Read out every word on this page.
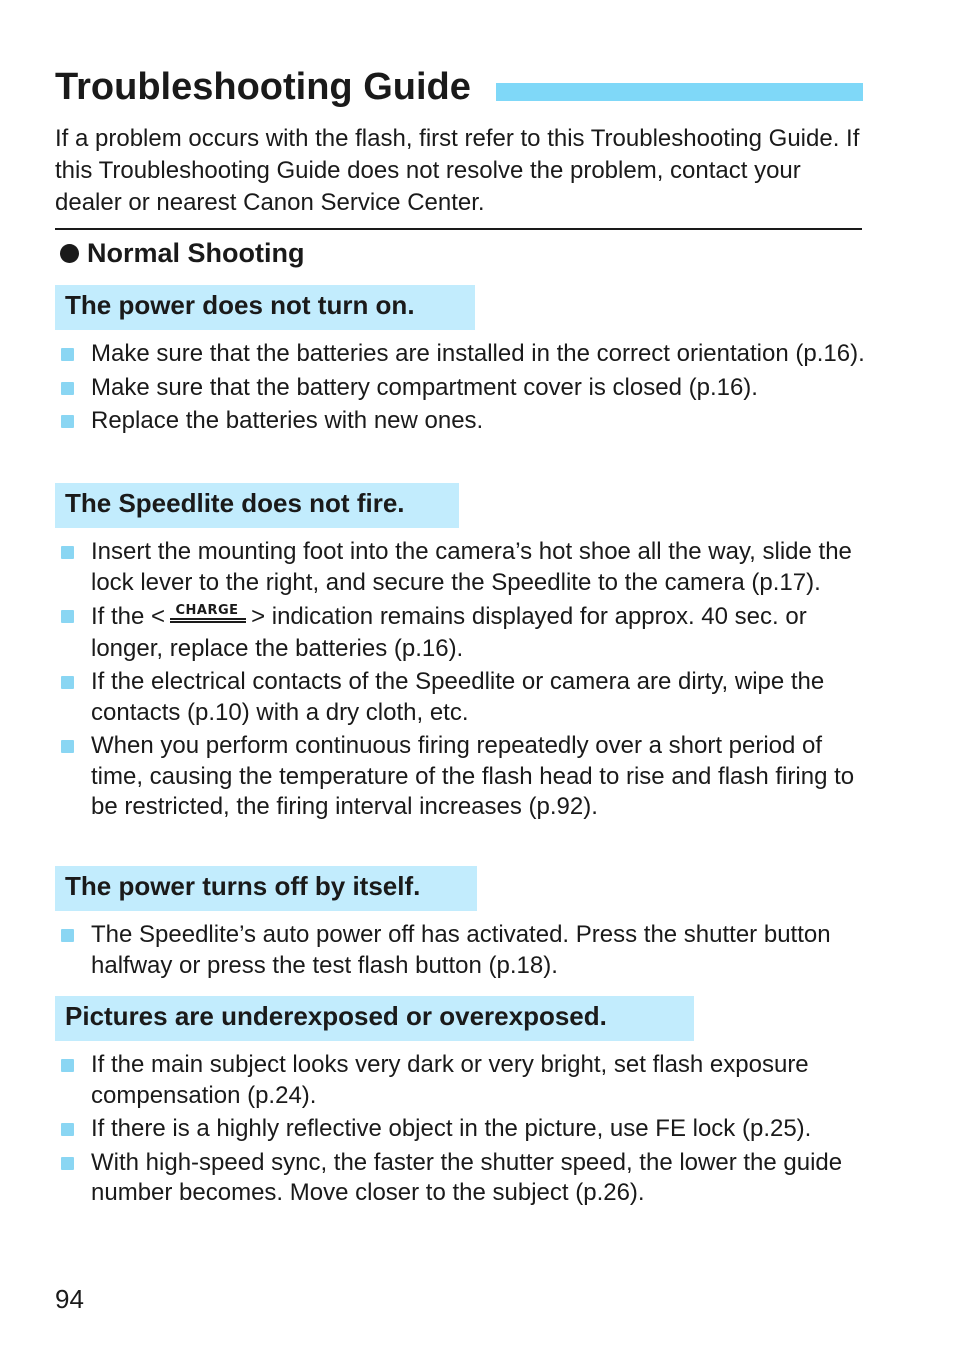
Troubleshooting Guide

If a problem occurs with the flash, first refer to this Troubleshooting Guide. If this Troubleshooting Guide does not resolve the problem, contact your dealer or nearest Canon Service Center.

Normal Shooting
The power does not turn on.
Make sure that the batteries are installed in the correct orientation (p.16).
Make sure that the battery compartment cover is closed (p.16).
Replace the batteries with new ones.
The Speedlite does not fire.
Insert the mounting foot into the camera’s hot shoe all the way, slide the lock lever to the right, and secure the Speedlite to the camera (p.17).
If the < CHARGE > indication remains displayed for approx. 40 sec. or longer, replace the batteries (p.16).
If the electrical contacts of the Speedlite or camera are dirty, wipe the contacts (p.10) with a dry cloth, etc.
When you perform continuous firing repeatedly over a short period of time, causing the temperature of the flash head to rise and flash firing to be restricted, the firing interval increases (p.92).
The power turns off by itself.
The Speedlite’s auto power off has activated. Press the shutter button halfway or press the test flash button (p.18).
Pictures are underexposed or overexposed.
If the main subject looks very dark or very bright, set flash exposure compensation (p.24).
If there is a highly reflective object in the picture, use FE lock (p.25).
With high-speed sync, the faster the shutter speed, the lower the guide number becomes. Move closer to the subject (p.26).
94
